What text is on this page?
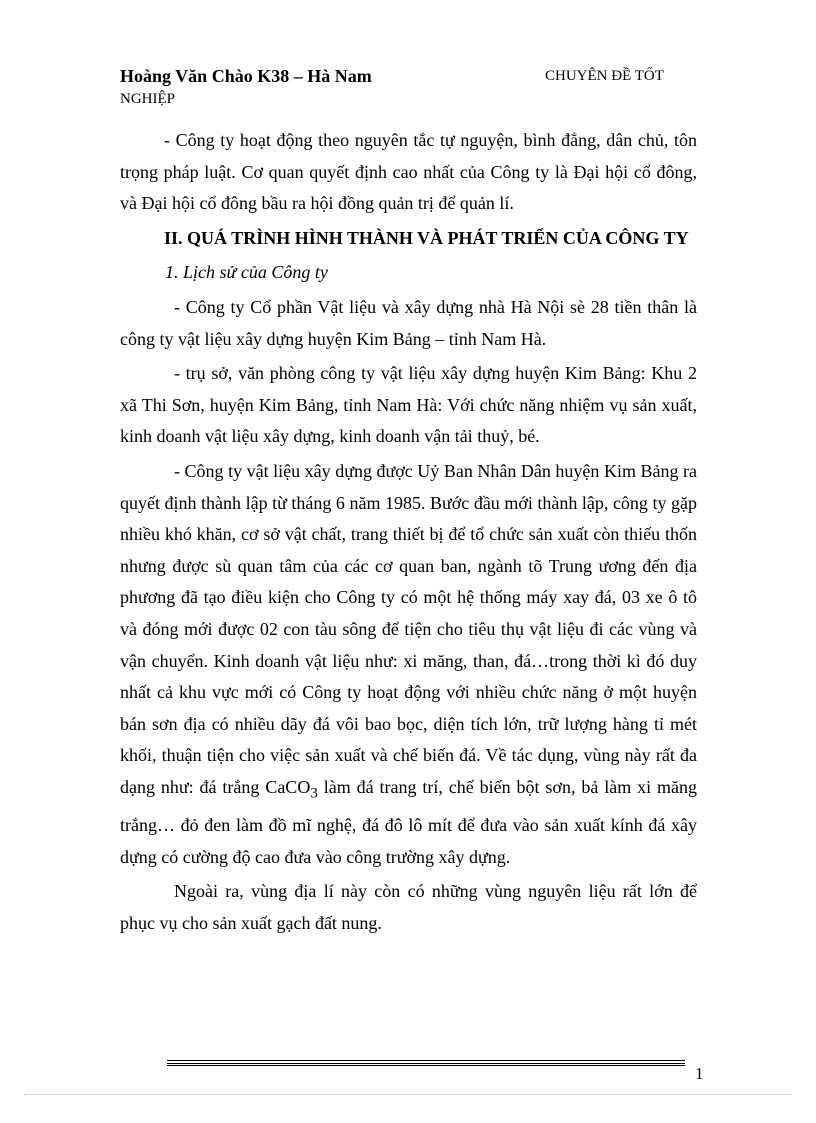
Hoàng Văn Chào K38 – Hà Nam	CHUYÊN ĐỀ TỐT
NGHIỆP

- Công ty hoạt động theo nguyên tắc tự nguyện, bình đẳng, dân chủ, tôn trọng pháp luật. Cơ quan quyết định cao nhất của Công ty là Đại hội cổ đông, và Đại hội cổ đông bầu ra hội đồng quản trị để quản lí.

II. QUÁ TRÌNH HÌNH THÀNH VÀ PHÁT TRIỂN CỦA CÔNG TY

1. Lịch sử của Công ty

- Công ty Cổ phần Vật liệu và xây dựng nhà Hà Nội sè 28 tiền thân là công ty vật liệu xây dựng huyện Kim Bảng – tỉnh Nam Hà.

- trụ sở, văn phòng công ty vật liệu xây dựng huyện Kim Bảng: Khu 2 xã Thi Sơn, huyện Kim Bảng, tỉnh Nam Hà: Với chức năng nhiệm vụ sản xuất, kinh doanh vật liệu xây dựng, kinh doanh vận tải thuỷ, bé.

- Công ty vật liệu xây dựng được Uỷ Ban Nhân Dân huyện Kim Bảng ra quyết định thành lập từ tháng 6 năm 1985. Bước đầu mới thành lập, công ty gặp nhiều khó khăn, cơ sở vật chất, trang thiết bị để tổ chức sản xuất còn thiếu thốn nhưng được sù quan tâm của các cơ quan ban, ngành tõ Trung ương đến địa phương đã tạo điều kiện cho Công ty có một hệ thống máy xay đá, 03 xe ô tô và đóng mới được 02 con tàu sông để tiện cho tiêu thụ vật liệu đi các vùng và vận chuyển. Kinh doanh vật liệu như: xi măng, than, đá…trong thời kì đó duy nhất cả khu vực mới có Công ty hoạt động với nhiều chức năng ở một huyện bán sơn địa có nhiều dãy đá vôi bao bọc, diện tích lớn, trữ lượng hàng tỉ mét khối, thuận tiện cho việc sản xuất và chế biến đá. Về tác dụng, vùng này rất đa dạng như: đá trắng CaCO$_3$ làm đá trang trí, chế biến bột sơn, bả làm xi măng trắng… đỏ đen làm đồ mĩ nghệ, đá đô lô mít để đưa vào sản xuất kính đá xây dựng có cường độ cao đưa vào công trường xây dựng.

Ngoài ra, vùng địa lí này còn có những vùng nguyên liệu rất lớn để phục vụ cho sản xuất gạch đất nung.

1
